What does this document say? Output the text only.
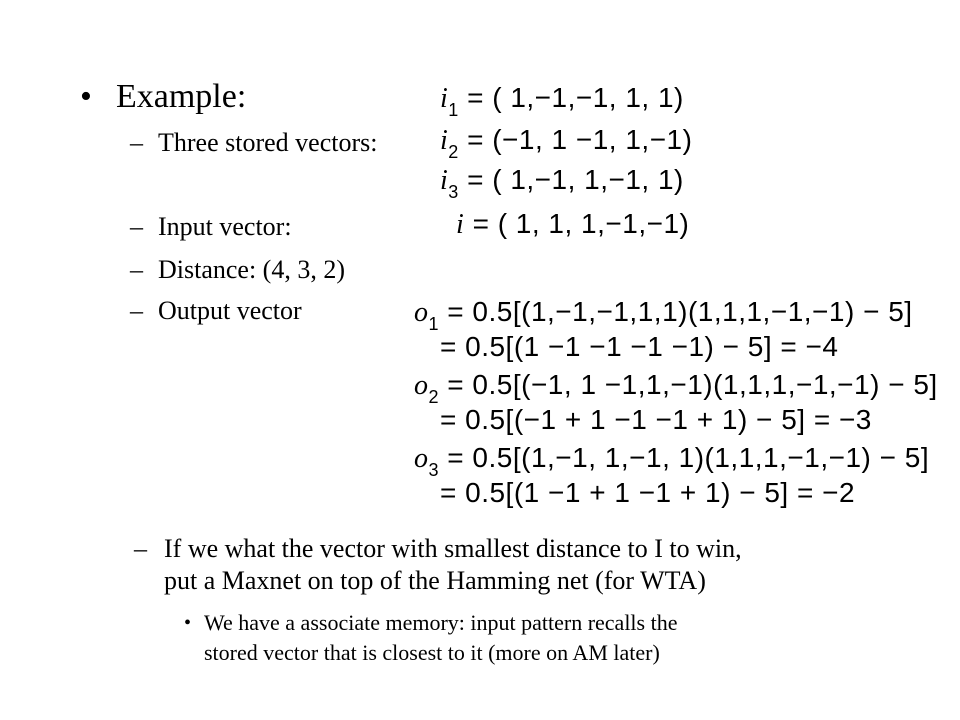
• Example:
– Three stored vectors:
– Input vector:
– Distance: (4, 3, 2)
– Output vector
$i_1$ = ( 1,−1,−1, 1, 1)
$i_2 = (-1$, 1 −1, 1,−1)
$i_3$ = ( 1,−1, 1,−1, 1)
i = ( 1, 1, 1,−1,−1)
$o_1 = 0.5[(1,-1,-1,1,1)(1,1,1,-1,-1) - 5]$
= 0.5[(1 −1 −1 −1 −1) − 5] = −4
$o_2 = 0.5[(-1$, 1 −1,1,−1)(1,1,1,−1,−1) − 5]
= 0.5[(−1 + 1 −1 −1 + 1) − 5] = −3
$o_3 = 0.5[(1,-1$, 1,−1, 1)(1,1,1,−1,−1) − 5]
= 0.5[(1 −1 + 1 −1 + 1) − 5] = −2
– If we what the vector with smallest distance to I to win,
put a Maxnet on top of the Hamming net (for WTA)
• We have a associate memory: input pattern recalls the
stored vector that is closest to it (more on AM later)
